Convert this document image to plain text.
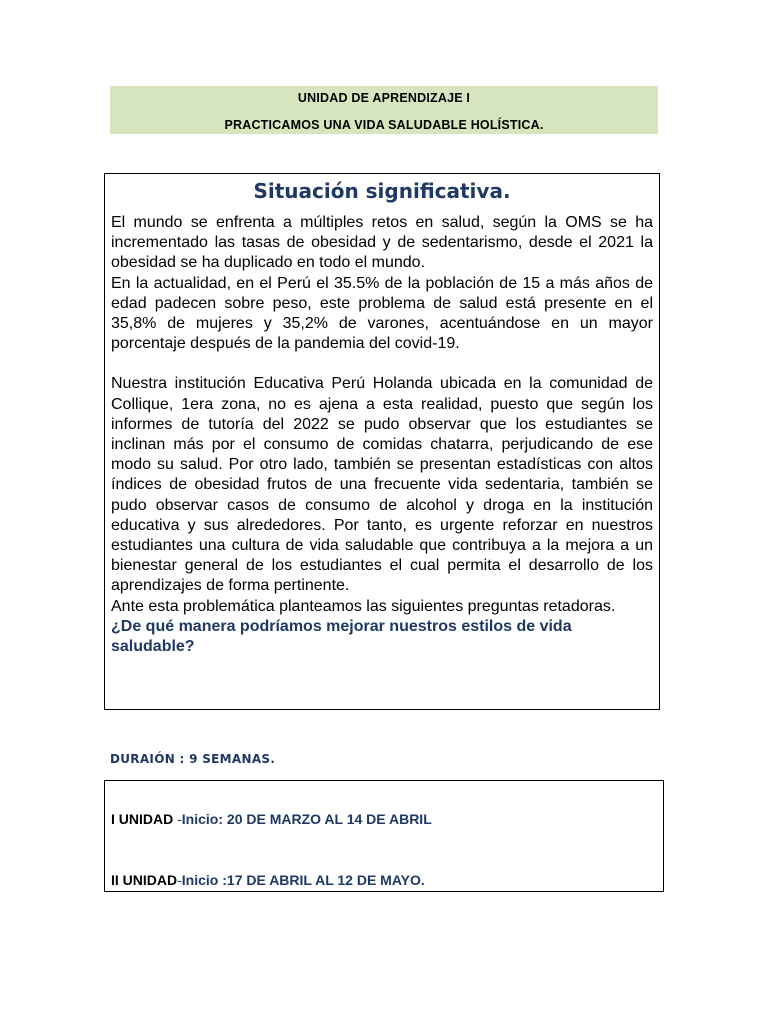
UNIDAD DE APRENDIZAJE I
PRACTICAMOS UNA VIDA SALUDABLE HOLÍSTICA.
Situación significativa.

El mundo se enfrenta a múltiples retos en salud, según la OMS se ha incrementado las tasas de obesidad y de sedentarismo, desde el 2021 la obesidad se ha duplicado en todo el mundo.

En la actualidad, en el Perú el 35.5% de la población de 15 a más años de edad padecen sobre peso, este problema de salud está presente en el 35,8% de mujeres y 35,2% de varones, acentuándose en un mayor porcentaje después de la pandemia del covid-19.

Nuestra institución Educativa Perú Holanda ubicada en la comunidad de Collique, 1era zona, no es ajena a esta realidad, puesto que según los informes de tutoría del 2022 se pudo observar que los estudiantes se inclinan más por el consumo de comidas chatarra, perjudicando de ese modo su salud. Por otro lado, también se presentan estadísticas con altos índices de obesidad frutos de una frecuente vida sedentaria, también se pudo observar casos de consumo de alcohol y droga en la institución educativa y sus alrededores. Por tanto, es urgente reforzar en nuestros estudiantes una cultura de vida saludable que contribuya a la mejora a un bienestar general de los estudiantes el cual permita el desarrollo de los aprendizajes de forma pertinente.

Ante esta problemática planteamos las siguientes preguntas retadoras.

¿De qué manera podríamos mejorar nuestros estilos de vida saludable?

DURAIÓN : 9 SEMANAS.
I UNIDAD -Inicio: 20 DE MARZO AL 14 DE ABRIL
II UNIDAD-Inicio :17 DE ABRIL AL 12 DE MAYO.
